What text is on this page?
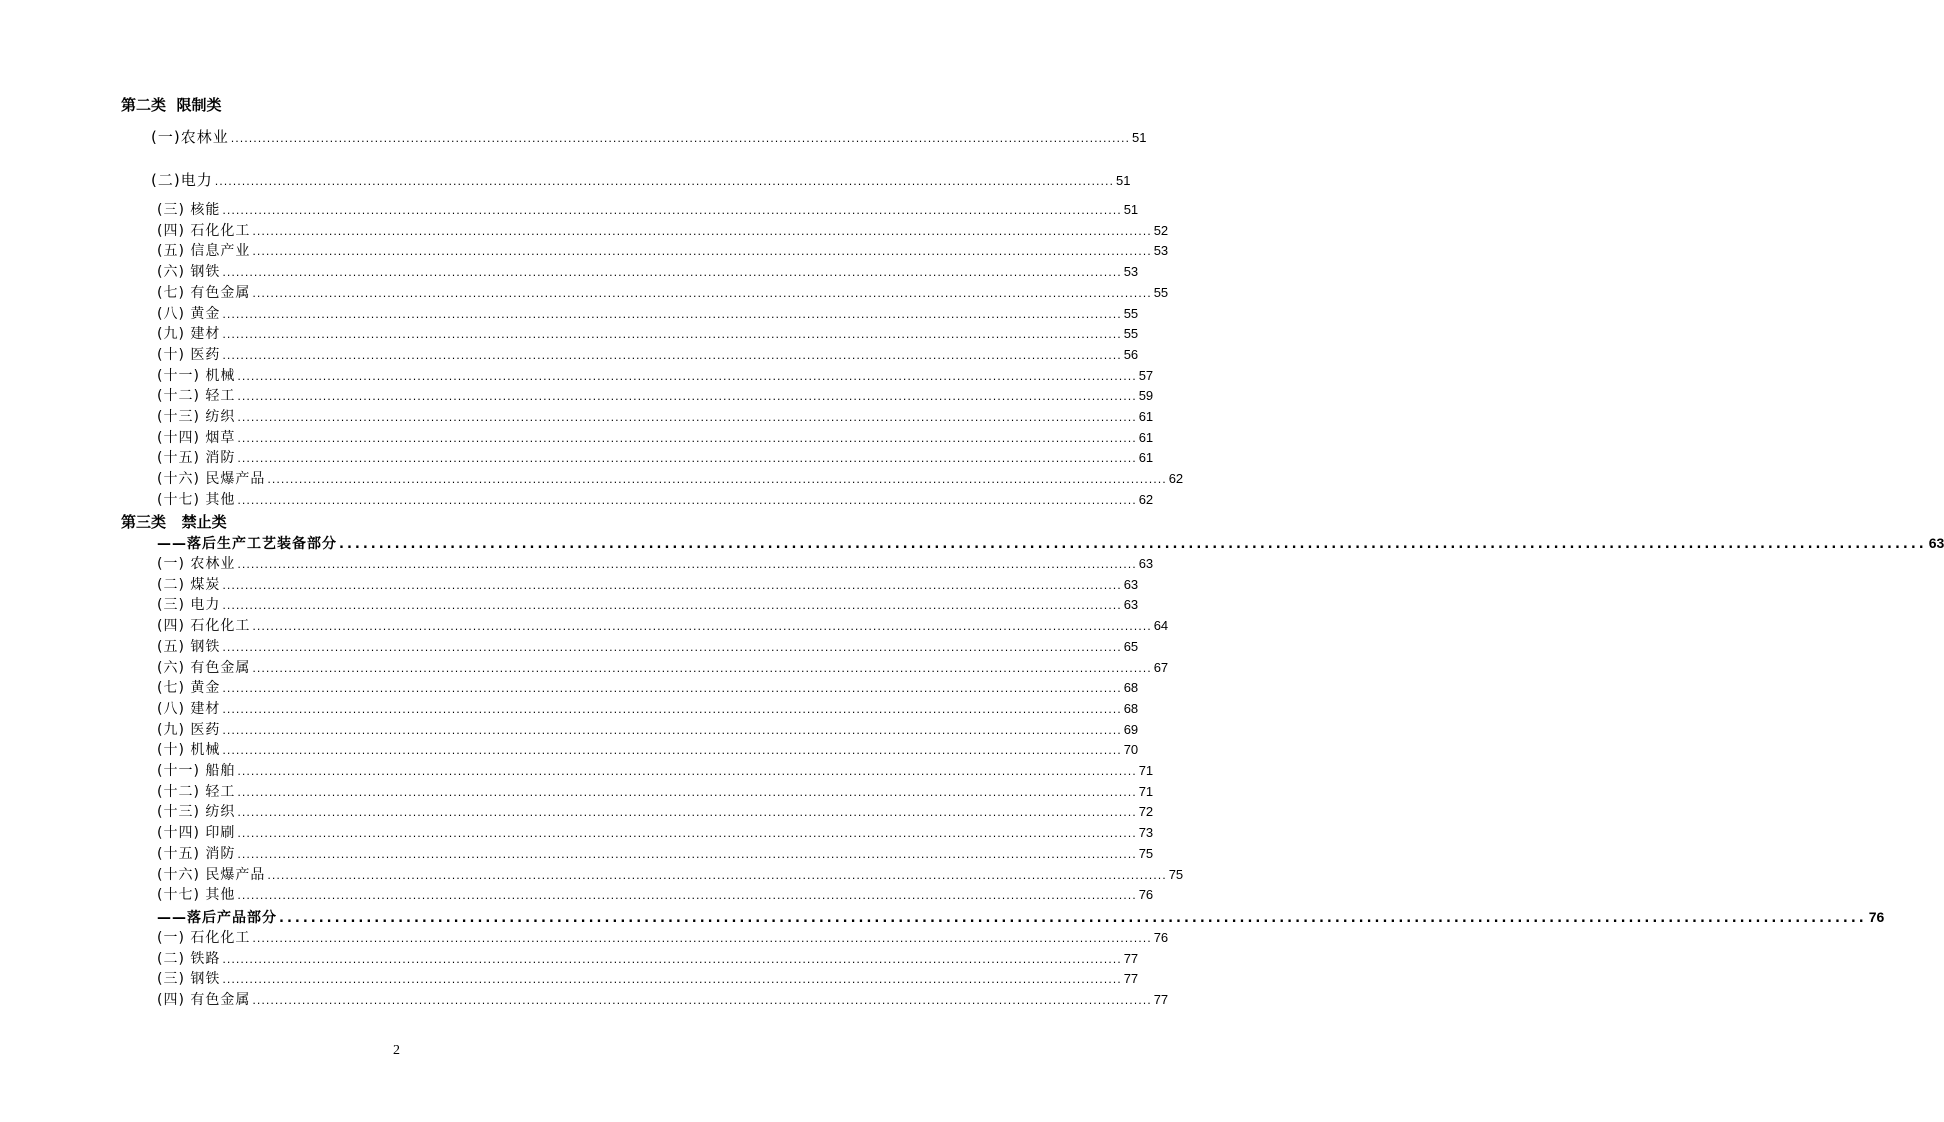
第二类  限制类
(一)农林业 ........................................................................................................................................................................................................ 51
(二)电力 ........................................................................................................................................................................................................ 51
(三) 核能 ........................................................................................................................................................................................................ 51
(四) 石化化工 ........................................................................................................................................................................................................ 52
(五) 信息产业 ........................................................................................................................................................................................................ 53
(六) 钢铁 ........................................................................................................................................................................................................ 53
(七) 有色金属 ........................................................................................................................................................................................................ 55
(八) 黄金 ........................................................................................................................................................................................................ 55
(九) 建材 ........................................................................................................................................................................................................ 55
(十) 医药 ........................................................................................................................................................................................................ 56
(十一) 机械 ........................................................................................................................................................................................................ 57
(十二) 轻工 ........................................................................................................................................................................................................ 59
(十三) 纺织 ........................................................................................................................................................................................................ 61
(十四) 烟草 ........................................................................................................................................................................................................ 61
(十五) 消防 ........................................................................................................................................................................................................ 61
(十六) 民爆产品 ........................................................................................................................................................................................................ 62
(十七) 其他 ........................................................................................................................................................................................................ 62
第三类   禁止类
——落后生产工艺装备部分 ........................................................................................................................................................................................................ 63
(一) 农林业 ........................................................................................................................................................................................................ 63
(二) 煤炭 ........................................................................................................................................................................................................ 63
(三) 电力 ........................................................................................................................................................................................................ 63
(四) 石化化工 ........................................................................................................................................................................................................ 64
(五) 钢铁 ........................................................................................................................................................................................................ 65
(六) 有色金属 ........................................................................................................................................................................................................ 67
(七) 黄金 ........................................................................................................................................................................................................ 68
(八) 建材 ........................................................................................................................................................................................................ 68
(九) 医药 ........................................................................................................................................................................................................ 69
(十) 机械 ........................................................................................................................................................................................................ 70
(十一) 船舶 ........................................................................................................................................................................................................ 71
(十二) 轻工 ........................................................................................................................................................................................................ 71
(十三) 纺织 ........................................................................................................................................................................................................ 72
(十四) 印刷 ........................................................................................................................................................................................................ 73
(十五) 消防 ........................................................................................................................................................................................................ 75
(十六) 民爆产品 ........................................................................................................................................................................................................ 75
(十七) 其他 ........................................................................................................................................................................................................ 76
——落后产品部分 ........................................................................................................................................................................................................ 76
(一) 石化化工 ........................................................................................................................................................................................................ 76
(二) 铁路 ........................................................................................................................................................................................................ 77
(三) 钢铁 ........................................................................................................................................................................................................ 77
(四) 有色金属 ........................................................................................................................................................................................................ 77
2
